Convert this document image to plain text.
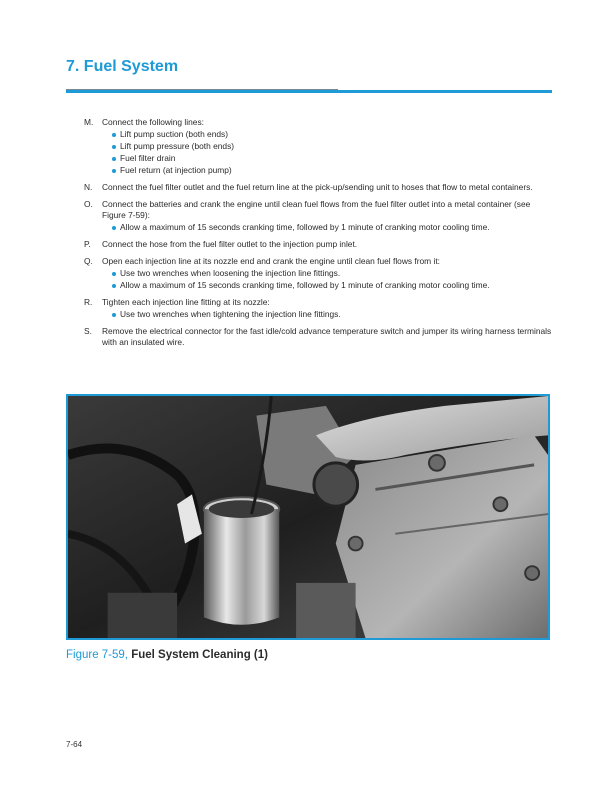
7. Fuel System
M. Connect the following lines:
Lift pump suction (both ends)
Lift pump pressure (both ends)
Fuel filter drain
Fuel return (at injection pump)
N. Connect the fuel filter outlet and the fuel return line at the pick-up/sending unit to hoses that flow to metal containers.
O. Connect the batteries and crank the engine until clean fuel flows from the fuel filter outlet into a metal container (see Figure 7-59):
Allow a maximum of 15 seconds cranking time, followed by 1 minute of cranking motor cooling time.
P. Connect the hose from the fuel filter outlet to the injection pump inlet.
Q. Open each injection line at its nozzle end and crank the engine until clean fuel flows from it:
Use two wrenches when loosening the injection line fittings.
Allow a maximum of 15 seconds cranking time, followed by 1 minute of cranking motor cooling time.
R. Tighten each injection line fitting at its nozzle:
Use two wrenches when tightening the injection line fittings.
S. Remove the electrical connector for the fast idle/cold advance temperature switch and jumper its wiring harness terminals with an insulated wire.

Figure 7-59, Fuel System Cleaning (1)

7-64
